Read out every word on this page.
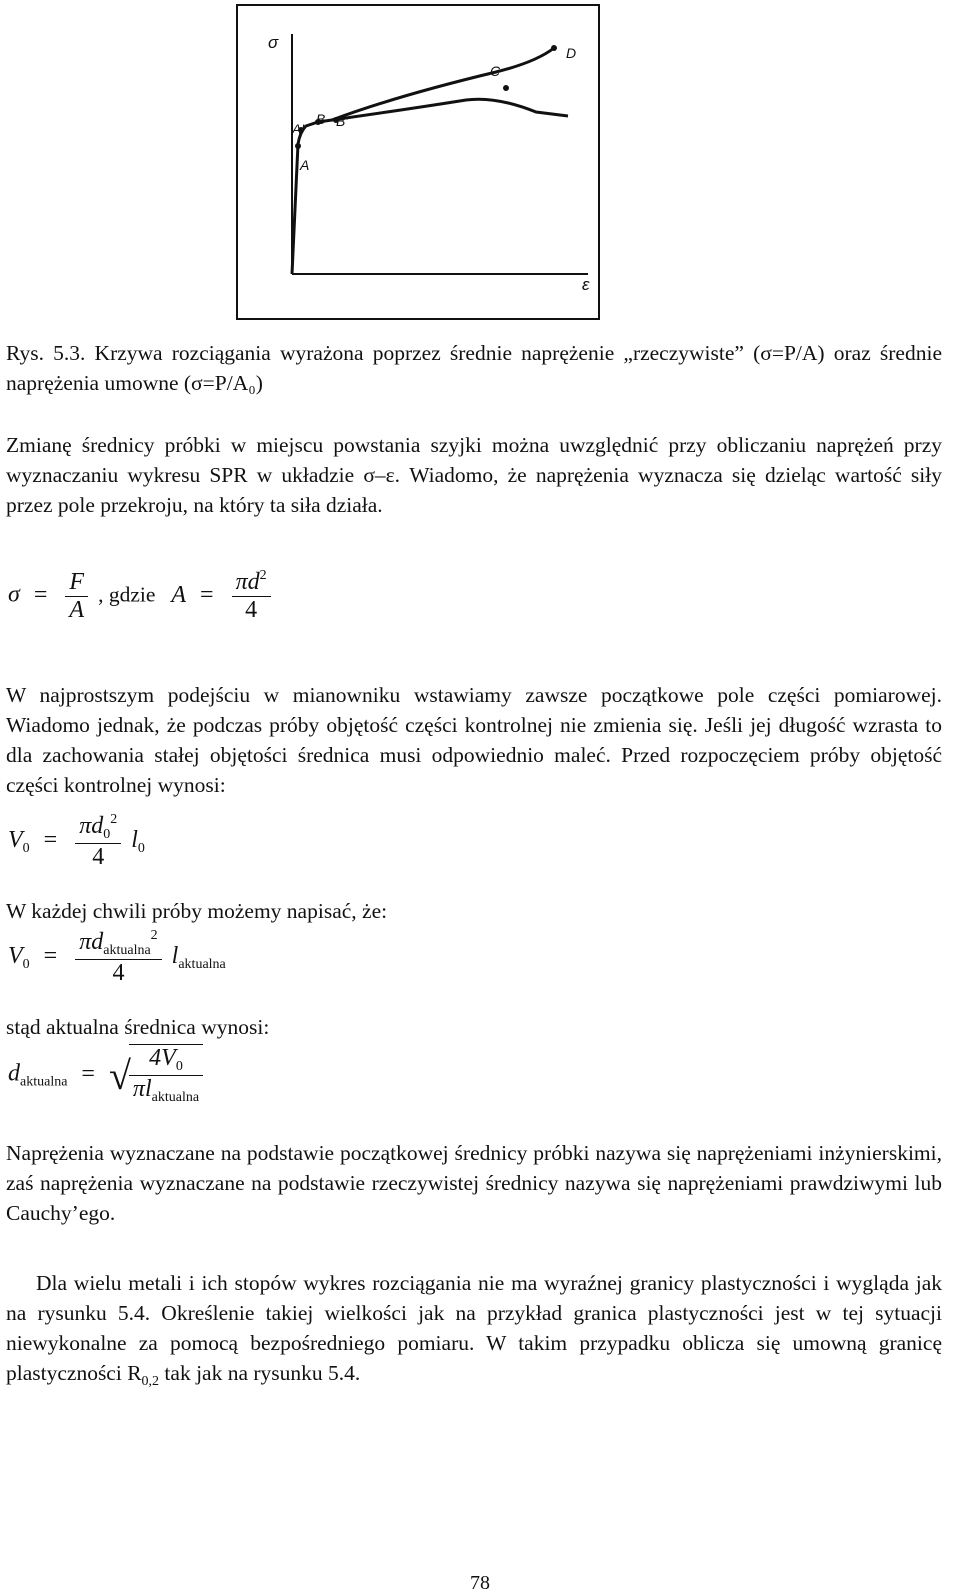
σ
ε
A
A'
B B'
C
D

Rys. 5.3. Krzywa rozciągania wyrażona poprzez średnie naprężenie „rzeczywiste” (σ=P/A) oraz średnie naprężenia umowne (σ=P/A₀)

Zmianę średnicy próbki w miejscu powstania szyjki można uwzględnić przy obliczaniu naprężeń przy wyznaczaniu wykresu SPR w układzie σ–ε. Wiadomo, że naprężenia wyznacza się dzieląc wartość siły przez pole przekroju, na który ta siła działa.

$\sigma = \frac{F}{A}$ , gdzie $A = \frac{\pi d^2}{4}$

W najprostszym podejściu w mianowniku wstawiamy zawsze początkowe pole części pomiarowej. Wiadomo jednak, że podczas próby objętość części kontrolnej nie zmienia się. Jeśli jej długość wzrasta to dla zachowania stałej objętości średnica musi odpowiednio maleć. Przed rozpoczęciem próby objętość części kontrolnej wynosi:

$V_0 = \frac{\pi d_0^2}{4} l_0$

W każdej chwili próby możemy napisać, że:

$V_0 = \frac{\pi d_{aktualna}^2}{4} l_{aktualna}$

stąd aktualna średnica wynosi:

$d_{aktualna}$ = √
$\frac{4V_0}{\pi l_{aktualna}}$

Naprężenia wyznaczane na podstawie początkowej średnicy próbki nazywa się naprężeniami inżynierskimi, zaś naprężenia wyznaczane na podstawie rzeczywistej średnicy nazywa się naprężeniami prawdziwymi lub Cauchy’ego.

Dla wielu metali i ich stopów wykres rozciągania nie ma wyraźnej granicy plastyczności i wygląda jak na rysunku 5.4. Określenie takiej wielkości jak na przykład granica plastyczności jest w tej sytuacji niewykonalne za pomocą bezpośredniego pomiaru. W takim przypadku oblicza się umowną granicę plastyczności $R_{0,2}$ tak jak na rysunku 5.4.

78
